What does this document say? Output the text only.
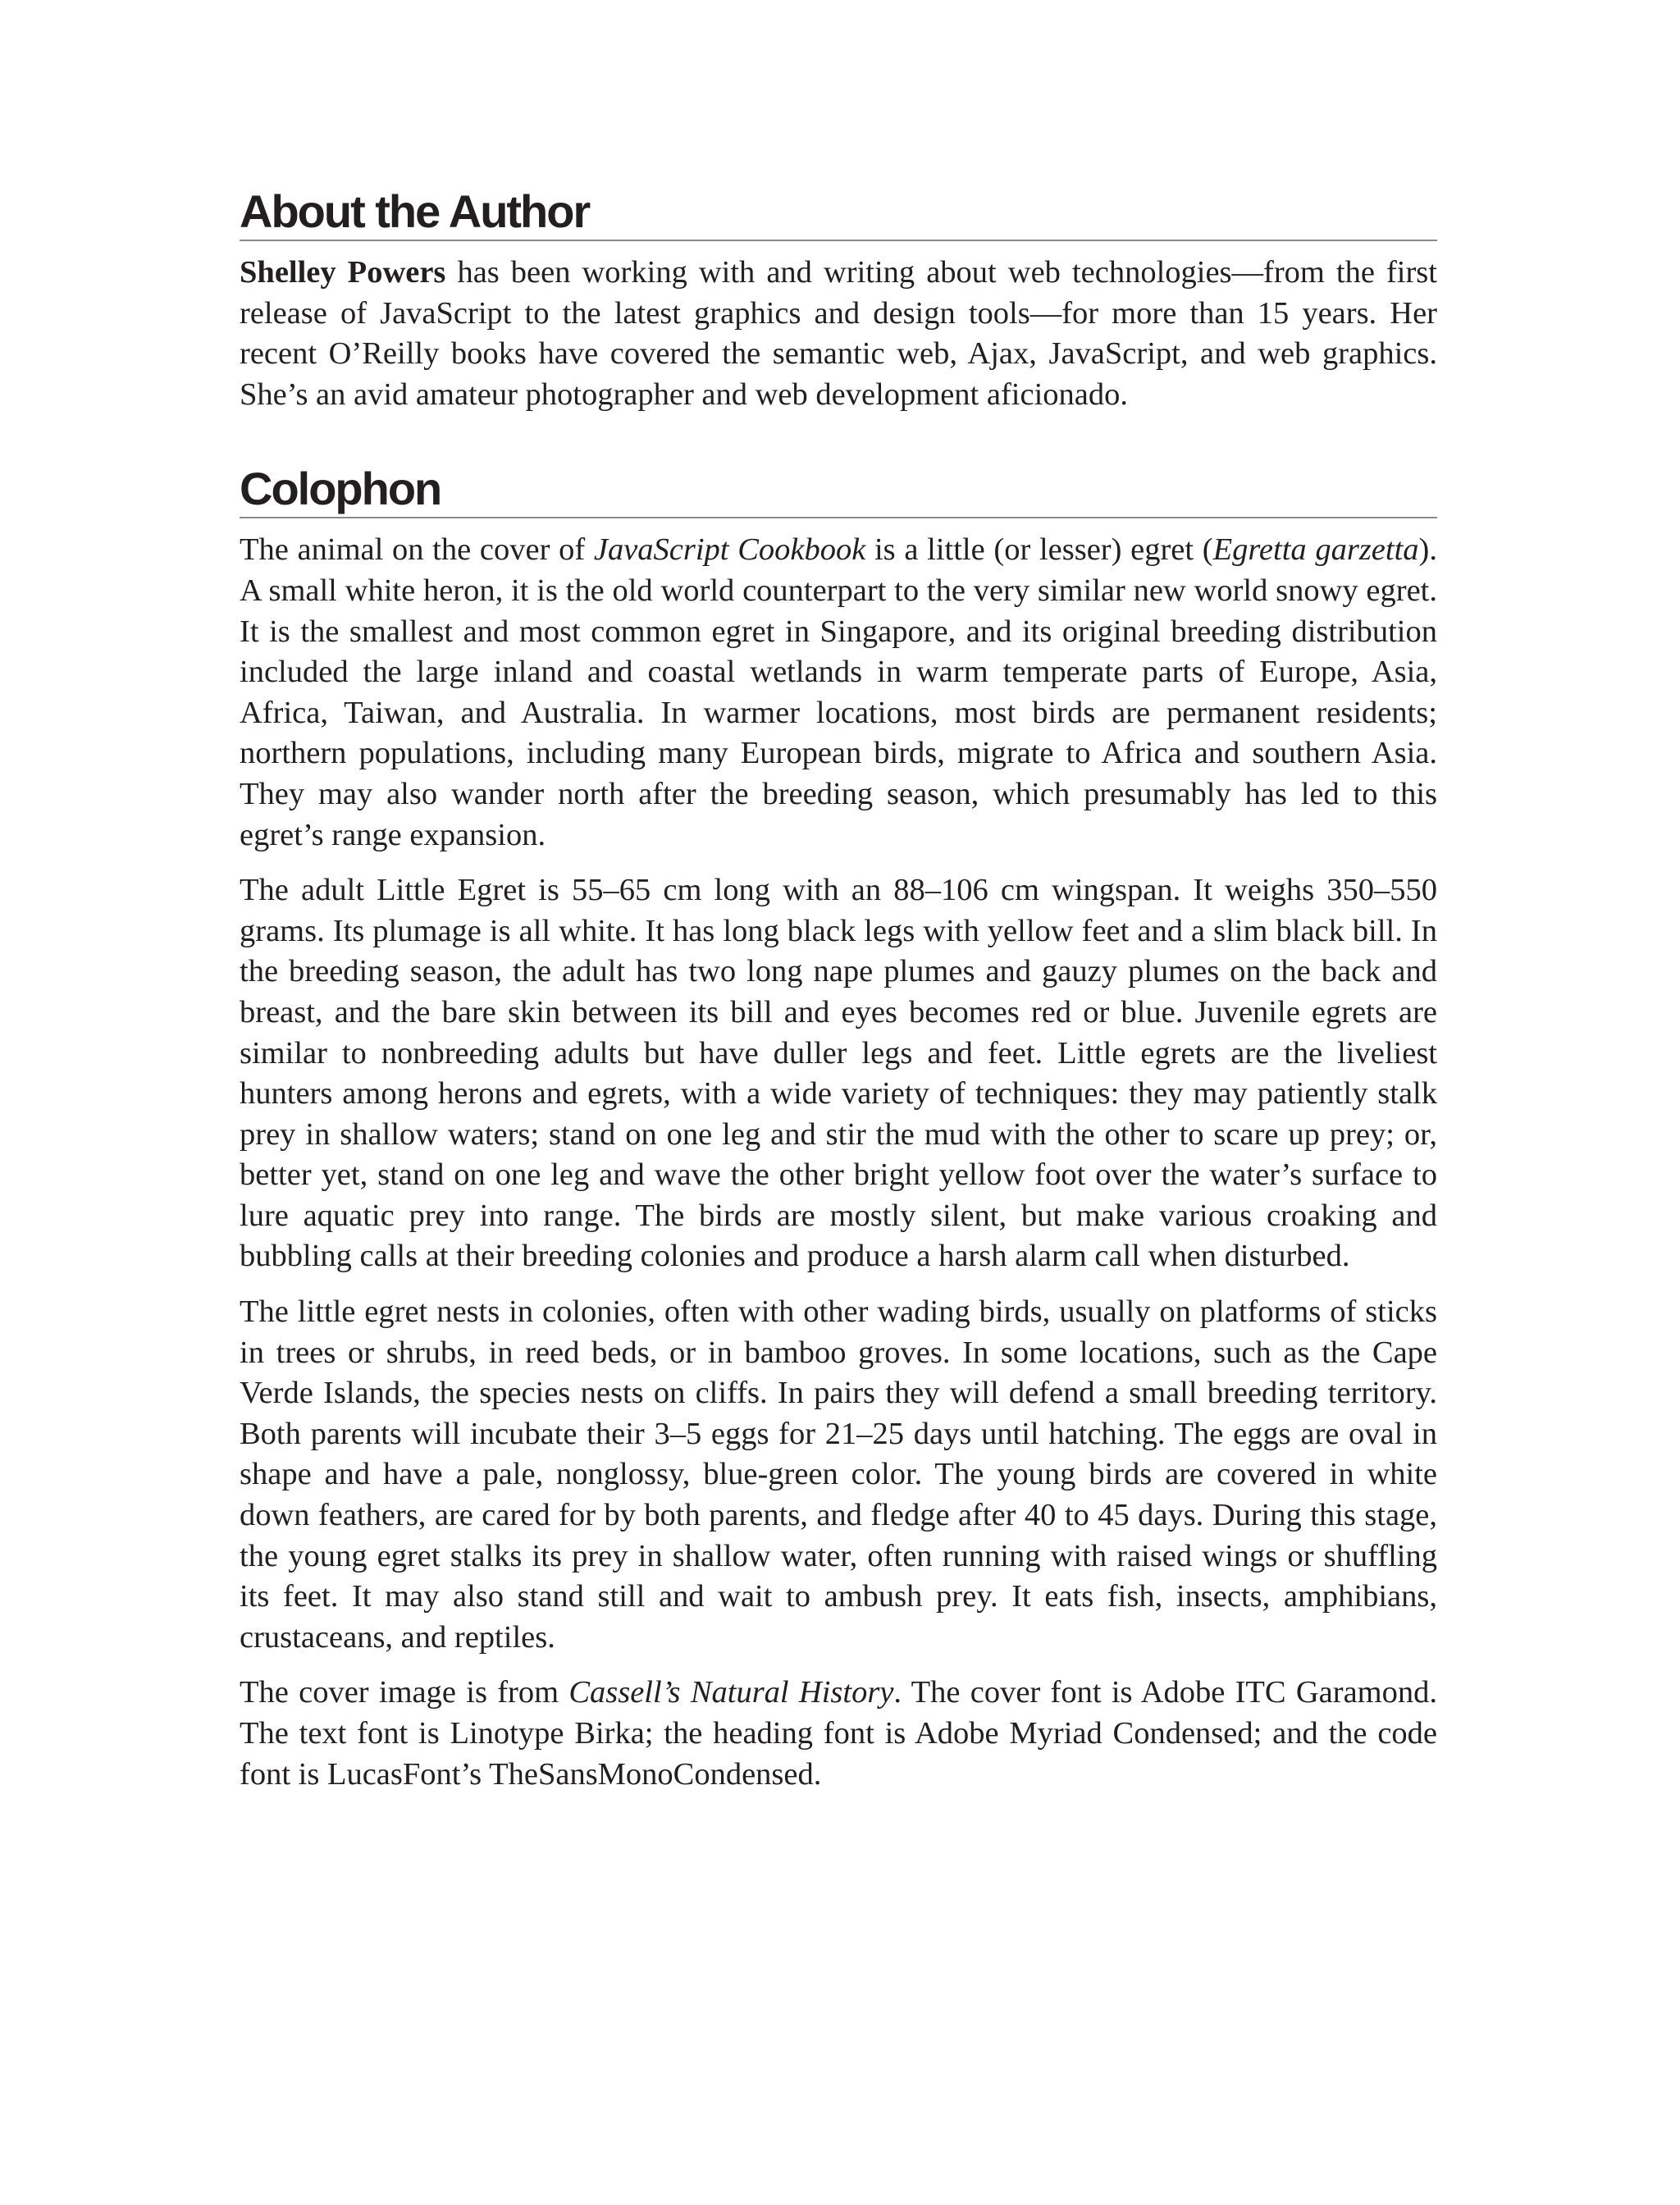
About the Author

Shelley Powers has been working with and writing about web technologies—from the first release of JavaScript to the latest graphics and design tools—for more than 15 years. Her recent O’Reilly books have covered the semantic web, Ajax, JavaScript, and web graphics. She’s an avid amateur photographer and web development aficionado.

Colophon

The animal on the cover of JavaScript Cookbook is a little (or lesser) egret (Egretta garzetta). A small white heron, it is the old world counterpart to the very similar new world snowy egret. It is the smallest and most common egret in Singapore, and its original breeding distribution included the large inland and coastal wetlands in warm temperate parts of Europe, Asia, Africa, Taiwan, and Australia. In warmer locations, most birds are permanent residents; northern populations, including many European birds, migrate to Africa and southern Asia. They may also wander north after the breeding season, which presumably has led to this egret’s range expansion.

The adult Little Egret is 55–65 cm long with an 88–106 cm wingspan. It weighs 350–​550 grams. Its plumage is all white. It has long black legs with yellow feet and a slim black bill. In the breeding season, the adult has two long nape plumes and gauzy plumes on the back and breast, and the bare skin between its bill and eyes becomes red or blue. Juvenile egrets are similar to nonbreeding adults but have duller legs and feet. Little egrets are the liveliest hunters among herons and egrets, with a wide variety of techniques: they may patiently stalk prey in shallow waters; stand on one leg and stir the mud with the other to scare up prey; or, better yet, stand on one leg and wave the other bright yellow foot over the water’s surface to lure aquatic prey into range. The birds are mostly silent, but make various croaking and bubbling calls at their breeding colonies and produce a harsh alarm call when disturbed.

The little egret nests in colonies, often with other wading birds, usually on platforms of sticks in trees or shrubs, in reed beds, or in bamboo groves. In some locations, such as the Cape Verde Islands, the species nests on cliffs. In pairs they will defend a small breeding territory. Both parents will incubate their 3–5 eggs for 21–25 days until hatching. The eggs are oval in shape and have a pale, nonglossy, blue-green color. The young birds are covered in white down feathers, are cared for by both parents, and fledge after 40 to 45 days. During this stage, the young egret stalks its prey in shallow water, often running with raised wings or shuffling its feet. It may also stand still and wait to ambush prey. It eats fish, insects, amphibians, crustaceans, and reptiles.

The cover image is from Cassell’s Natural History. The cover font is Adobe ITC Garamond. The text font is Linotype Birka; the heading font is Adobe Myriad Condensed; and the code font is LucasFont’s TheSansMonoCondensed.
